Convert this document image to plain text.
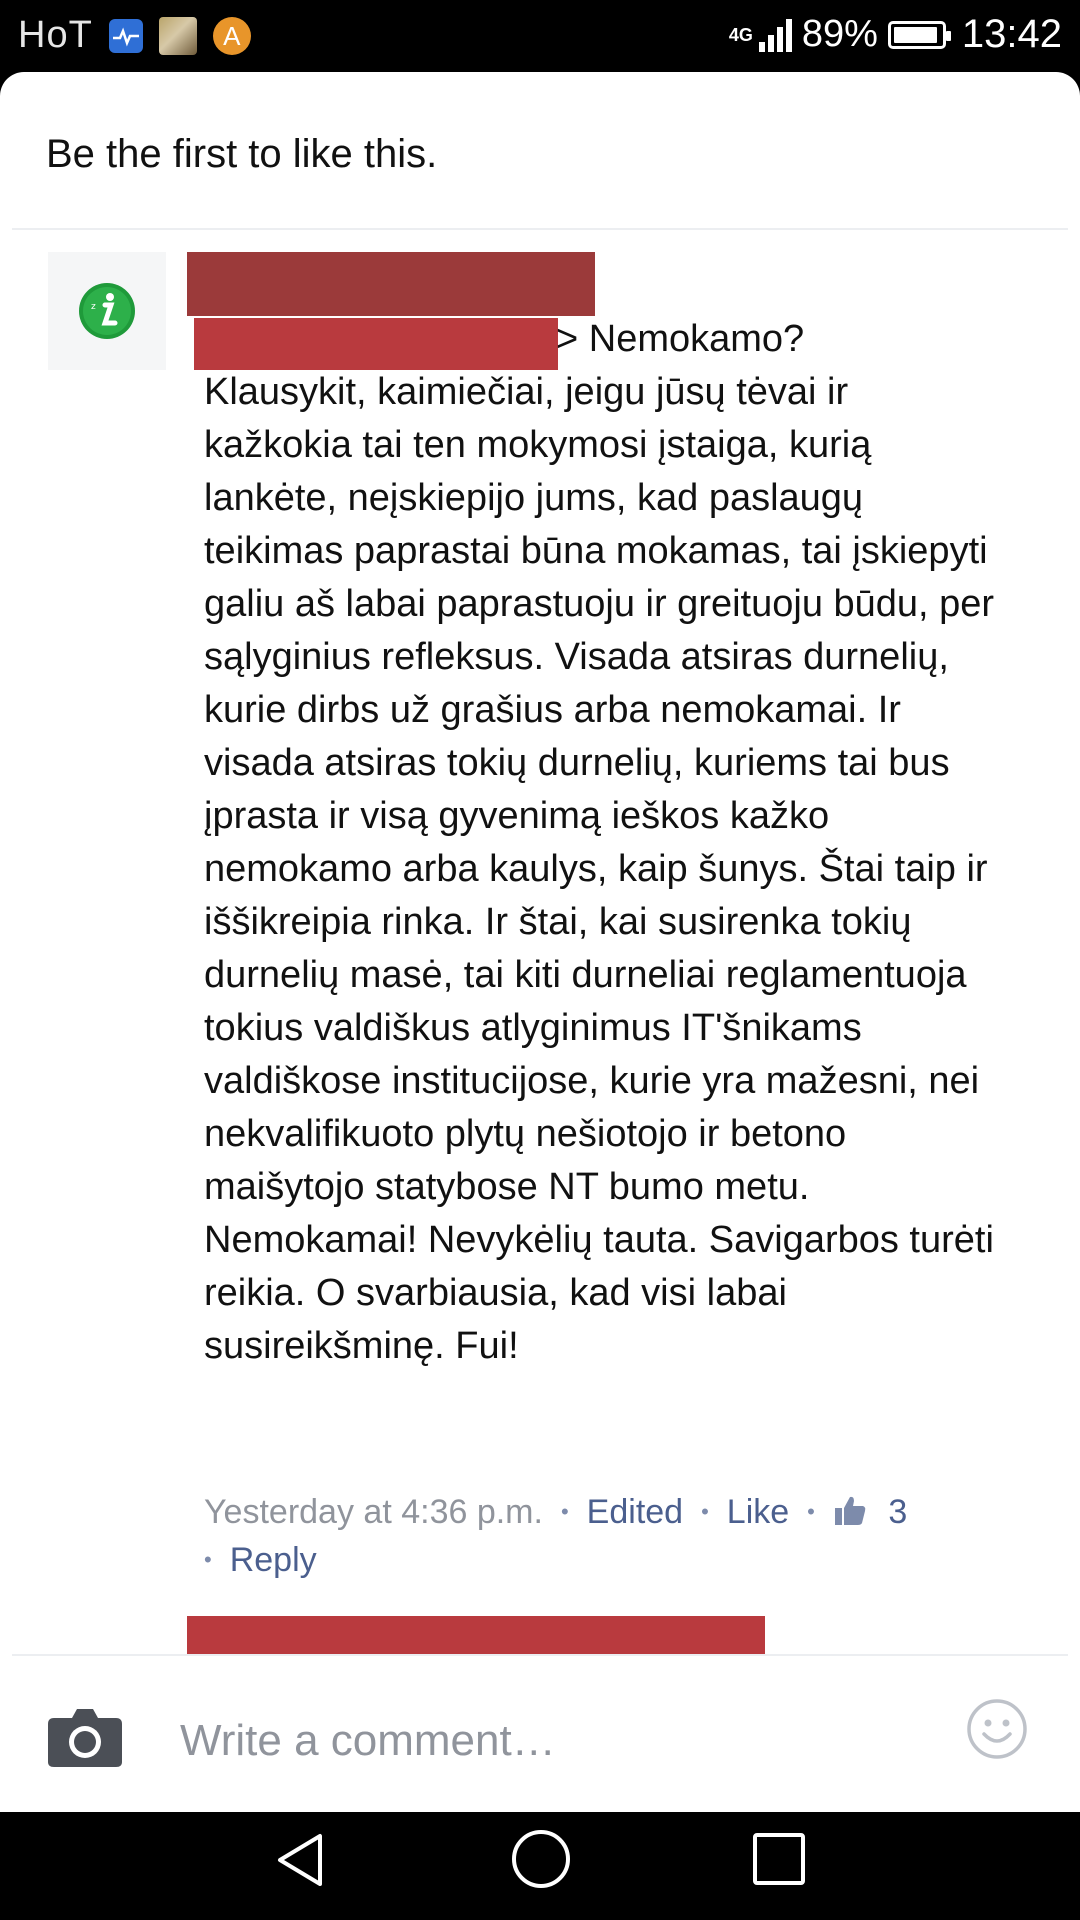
HoT	A	4G 89% 13:42
Be the first to like this.
z
> Nemokamo?
Klausykit, kaimiečiai, jeigu jūsų tėvai ir kažkokia tai ten mokymosi įstaiga, kurią lankėte, neįskiepijo jums, kad paslaugų teikimas paprastai būna mokamas, tai įskiepyti galiu aš labai paprastuoju ir greituoju būdu, per sąlyginius refleksus. Visada atsiras durnelių, kurie dirbs už grašius arba nemokamai. Ir visada atsiras tokių durnelių, kuriems tai bus įprasta ir visą gyvenimą ieškos kažko nemokamo arba kaulys, kaip šunys. Štai taip ir iššikreipia rinka. Ir štai, kai susirenka tokių durnelių masė, tai kiti durneliai reglamentuoja tokius valdiškus atlyginimus IT'šnikams valdiškose institucijose, kurie yra mažesni, nei nekvalifikuoto plytų nešiotojo ir betono maišytojo statybose NT bumo metu. Nemokamai! Nevykėlių tauta. Savigarbos turėti reikia. O svarbiausia, kad visi labai susireikšminę. Fui!
Yesterday at 4:36 p.m. • Edited • Like • 3
• Reply
Write a comment…
